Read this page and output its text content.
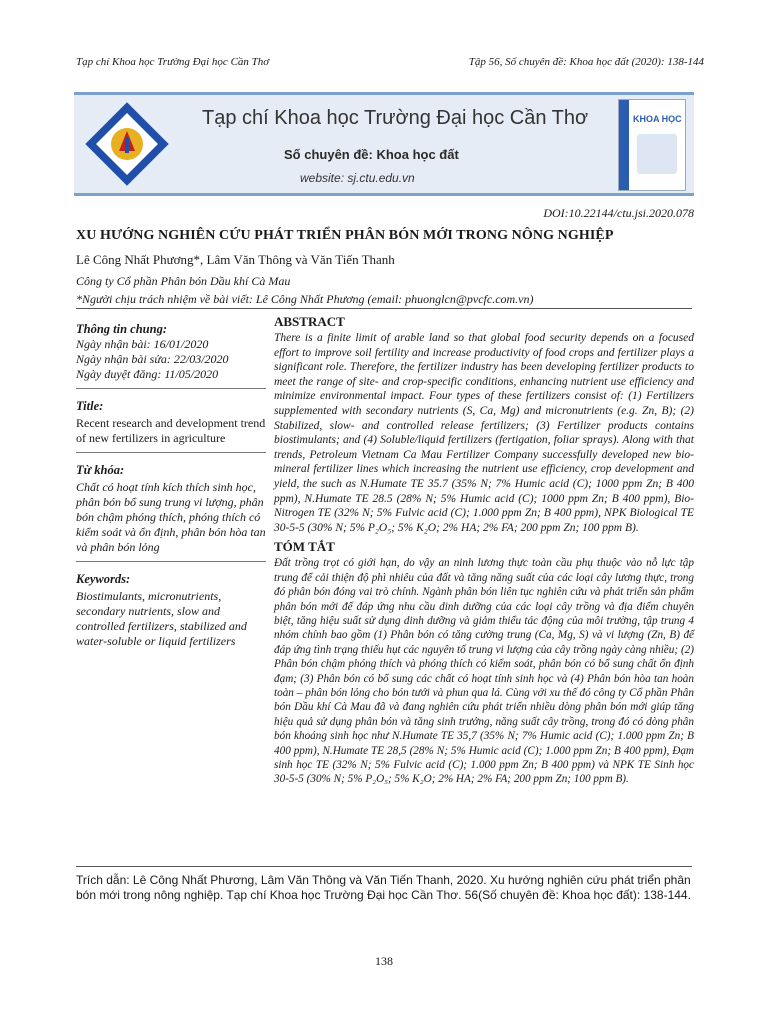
Tạp chí Khoa học Trường Đại học Cần Thơ	Tập 56, Số chuyên đề: Khoa học đất (2020): 138-144
Tạp chí Khoa học Trường Đại học Cần Thơ
Số chuyên đề: Khoa học đất
website: sj.ctu.edu.vn
KHOA HỌC
DOI:10.22144/ctu.jsi.2020.078
XU HƯỚNG NGHIÊN CỨU PHÁT TRIỂN PHÂN BÓN MỚI TRONG NÔNG NGHIỆP
Lê Công Nhất Phương*, Lâm Văn Thông và Văn Tiến Thanh
Công ty Cổ phần Phân bón Dầu khí Cà Mau
*Người chịu trách nhiệm về bài viết: Lê Công Nhất Phương (email: phuonglcn@pvcfc.com.vn)
Thông tin chung:
Ngày nhận bài: 16/01/2020
Ngày nhận bài sửa: 22/03/2020
Ngày duyệt đăng: 11/05/2020
Title:
Recent research and development trend of new fertilizers in agriculture
Từ khóa:
Chất có hoạt tính kích thích sinh học, phân bón bổ sung trung vi lượng, phân bón chậm phóng thích, phóng thích có kiểm soát và ổn định, phân bón hòa tan và phân bón lỏng
Keywords:
Biostimulants, micronutrients, secondary nutrients, slow and controlled fertilizers, stabilized and water-soluble or liquid fertilizers
ABSTRACT
There is a finite limit of arable land so that global food security depends on a focused effort to improve soil fertility and increase productivity of food crops and fertilizer plays a significant role. Therefore, the fertilizer industry has been developing fertilizer products to meet the range of site- and crop-specific conditions, enhancing nutrient use efficiency and minimize environmental impact. Four types of these fertilizers consist of: (1) Fertilizers supplemented with secondary nutrients (S, Ca, Mg) and micronutrients (e.g. Zn, B); (2) Stabilized, slow- and controlled release fertilizers; (3) Fertilizer products contains biostimulants; and (4) Soluble/liquid fertilizers (fertigation, foliar sprays). Along with that trends, Petroleum Vietnam Ca Mau Fertilizer Company successfully developed new bio-mineral fertilizer lines which increasing the nutrient use efficiency, crop development and yield, the such as N.Humate TE 35.7 (35% N; 7% Humic acid (C); 1000 ppm Zn; B 400 ppm), N.Humate TE 28.5 (28% N; 5% Humic acid (C); 1000 ppm Zn; B 400 ppm), Bio-Nitrogen TE (32% N; 5% Fulvic acid (C); 1.000 ppm Zn; B 400 ppm), NPK Biological TE 30-5-5 (30% N; 5% P₂O₅; 5% K₂O; 2% HA; 2% FA; 200 ppm Zn; 100 ppm B).
TÓM TẮT
Đất trồng trọt có giới hạn, do vậy an ninh lương thực toàn cầu phụ thuộc vào nỗ lực tập trung để cải thiện độ phì nhiêu của đất và tăng năng suất của các loại cây lương thực, trong đó phân bón đóng vai trò chính. Ngành phân bón liên tục nghiên cứu và phát triển sản phẩm phân bón mới để đáp ứng nhu cầu dinh dưỡng của các loại cây trồng và địa điểm chuyên biệt, tăng hiệu suất sử dụng dinh dưỡng và giảm thiểu tác động của môi trường, tập trung 4 nhóm chính bao gồm (1) Phân bón có tăng cường trung (Ca, Mg, S) và vi lượng (Zn, B) để đáp ứng tình trạng thiếu hụt các nguyên tố trung vi lượng của cây trồng ngày càng nhiều; (2) Phân bón chậm phóng thích và phóng thích có kiểm soát, phân bón có bổ sung chất ổn định đạm; (3) Phân bón có bổ sung các chất có hoạt tính sinh học và (4) Phân bón hòa tan hoàn toàn – phân bón lỏng cho bón tưới và phun qua lá. Cùng với xu thế đó công ty Cổ phần Phân bón Dầu khí Cà Mau đã và đang nghiên cứu phát triển nhiều dòng phân bón mới giúp tăng hiệu quả sử dụng phân bón và tăng sinh trưởng, năng suất cây trồng, trong đó có dòng phân bón khoáng sinh học như N.Humate TE 35,7 (35% N; 7% Humic acid (C); 1.000 ppm Zn; B 400 ppm), N.Humate TE 28,5 (28% N; 5% Humic acid (C); 1.000 ppm Zn; B 400 ppm), Đạm sinh học TE (32% N; 5% Fulvic acid (C); 1.000 ppm Zn; B 400 ppm) và NPK TE Sinh học 30-5-5 (30% N; 5% P₂O₅; 5% K₂O; 2% HA; 2% FA; 200 ppm Zn; 100 ppm B).
Trích dẫn: Lê Công Nhất Phương, Lâm Văn Thông và Văn Tiến Thanh, 2020. Xu hướng nghiên cứu phát triển phân bón mới trong nông nghiệp. Tạp chí Khoa học Trường Đại học Cần Thơ. 56(Số chuyên đề: Khoa học đất): 138-144.
138
